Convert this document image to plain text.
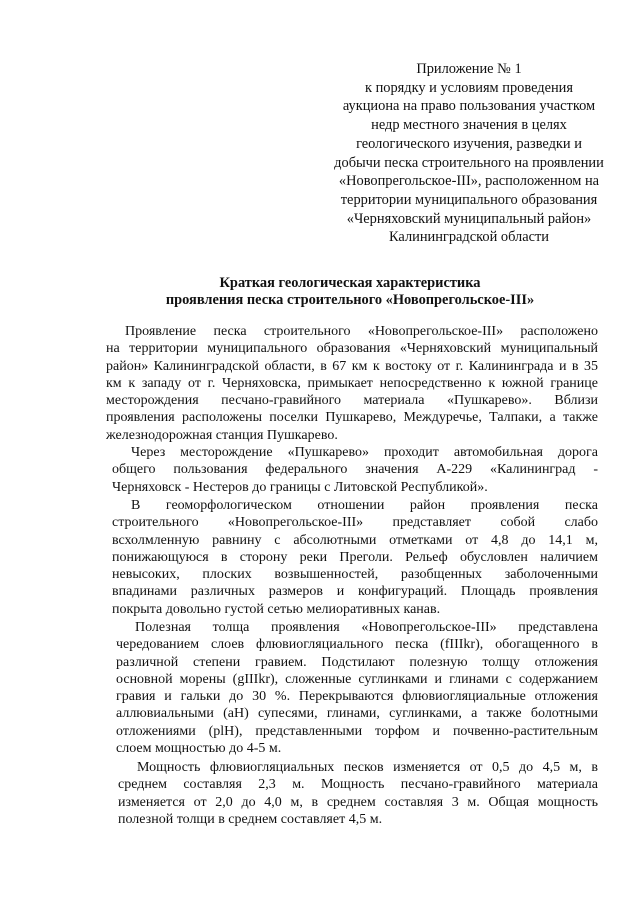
Приложение № 1
к порядку и условиям проведения
аукциона на право пользования участком
недр местного значения в целях
геологического изучения, разведки и
добычи песка строительного на проявлении
«Новопрегольское-III», расположенном на
территории муниципального образования
«Черняховский муниципальный район»
Калининградской области
Краткая геологическая характеристика
проявления песка строительного «Новопрегольское-III»
Проявление песка строительного «Новопрегольское-III» расположено
на территории муниципального образования «Черняховский муниципальный
район» Калининградской области, в 67 км к востоку от г. Калининграда и в 35
км к западу от г. Черняховска, примыкает непосредственно к южной границе
месторождения песчано-гравийного материала «Пушкарево». Вблизи
проявления расположены поселки Пушкарево, Междуречье, Талпаки, а также
железнодорожная станция Пушкарево.
Через месторождение «Пушкарево» проходит автомобильная дорога
общего пользования федерального значения А-229 «Калининград -
Черняховск - Нестеров до границы с Литовской Республикой».
В геоморфологическом отношении район проявления песка
строительного «Новопрегольское-III» представляет собой слабо
всхолмленную равнину с абсолютными отметками от 4,8 до 14,1 м,
понижающуюся в сторону реки Преголи. Рельеф обусловлен наличием
невысоких, плоских возвышенностей, разобщенных заболоченными
впадинами различных размеров и конфигураций. Площадь проявления
покрыта довольно густой сетью мелиоративных канав.
Полезная толща проявления «Новопрегольское-III» представлена
чередованием слоев флювиогляциального песка (fIIIkr), обогащенного в
различной степени гравием. Подстилают полезную толщу отложения
основной морены (gIIIkr), сложенные суглинками и глинами с содержанием
гравия и гальки до 30 %. Перекрываются флювиогляциальные отложения
аллювиальными (aH) супесями, глинами, суглинками, а также болотными
отложениями (plH), представленными торфом и почвенно-растительным
слоем мощностью до 4-5 м.
Мощность флювиогляциальных песков изменяется от 0,5 до 4,5 м, в
среднем составляя 2,3 м. Мощность песчано-гравийного материала
изменяется от 2,0 до 4,0 м, в среднем составляя 3 м. Общая мощность
полезной толщи в среднем составляет 4,5 м.
